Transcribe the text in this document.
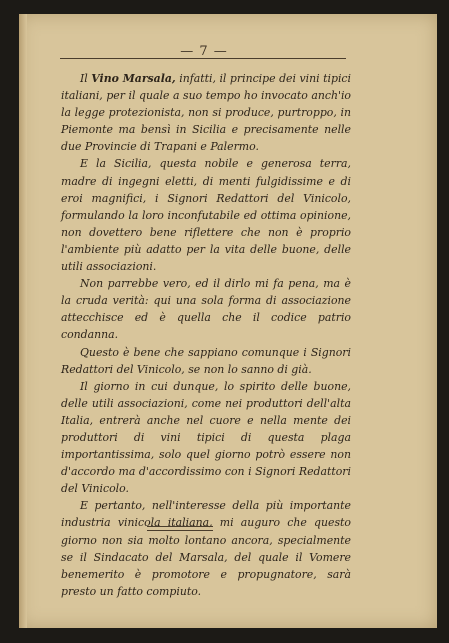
— 7 —

Il Vino Marsala, infatti, il principe dei vini tipici italiani, per il quale a suo tempo ho invocato anch'io la legge protezionista, non si produce, purtroppo, in Piemonte ma bensì in Sicilia e precisamente nelle due Provincie di Trapani e Palermo.

E la Sicilia, questa nobile e generosa terra, madre di ingegni eletti, di menti fulgidissime e di eroi magnifici, i Signori Redattori del Vinicolo, formulando la loro inconfutabile ed ottima opinione, non dovettero bene riflettere che non è proprio l'ambiente più adatto per la vita delle buone, delle utili associazioni.

Non parrebbe vero, ed il dirlo mi fa pena, ma è la cruda verità: qui una sola forma di associazione attecchisce ed è quella che il codice patrio condanna.

Questo è bene che sappiano comunque i Signori Redattori del Vinicolo, se non lo sanno di già.

Il giorno in cui dunque, lo spirito delle buone, delle utili associazioni, come nei produttori dell'alta Italia, entrerà anche nel cuore e nella mente dei produttori di vini tipici di questa plaga importantissima, solo quel giorno potrò essere non d'accordo ma d'accordissimo con i Signori Redattori del Vinicolo.

E pertanto, nell'interesse della più importante industria vinicola italiana, mi auguro che questo giorno non sia molto lontano ancora, specialmente se il Sindacato del Marsala, del quale il Vomere benemerito è promotore e propugnatore, sarà presto un fatto compiuto.
